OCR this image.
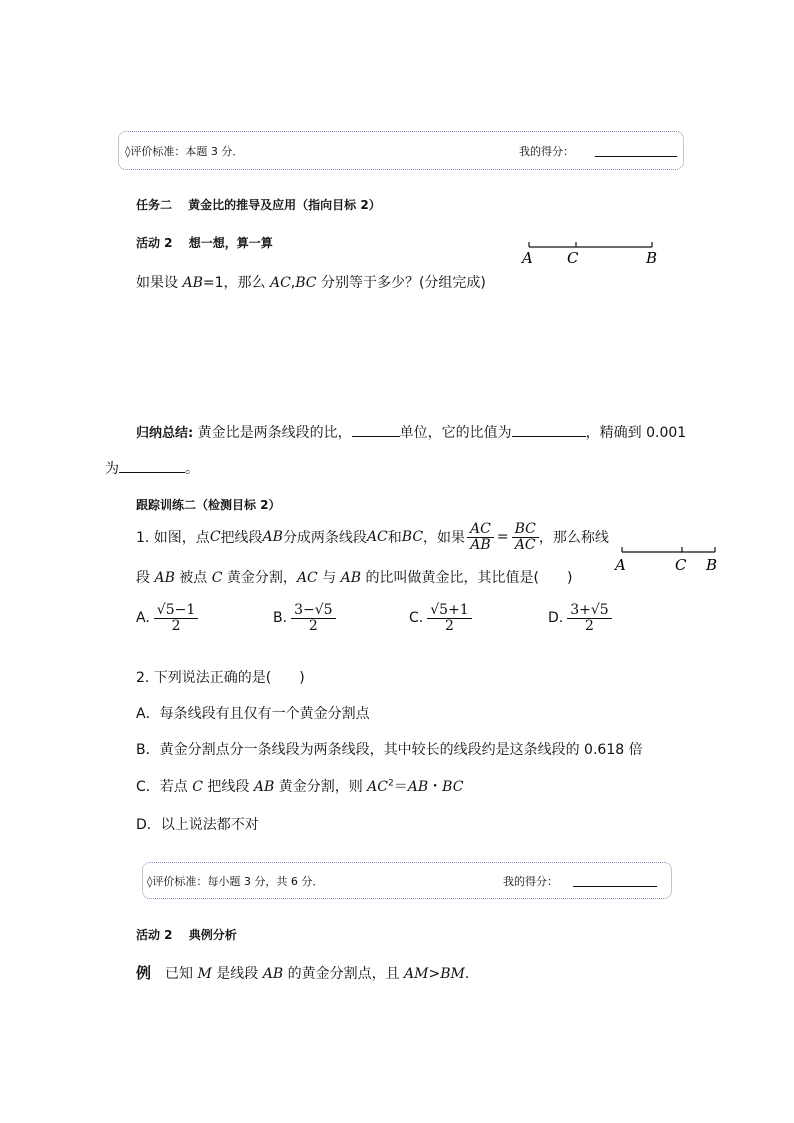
◊评价标准：本题 3 分．	我的得分：
任务二　 黄金比的推导及应用（指向目标 2）
活动 2　 想一想，算一算
A C	B
如果设 AB=1，那么 AC,BC 分别等于多少？(分组完成)
归纳总结: 黄金比是两条线段的比，	单位，它的比值为	，精确到 0.001
为	。
跟踪训练二（检测目标 2）
1. 如图，点 C 把线段 AB 分成两条线段 AC 和 BC ，如果 $\frac{AC}{AB} = \frac{BC}{AC}$ ，那么称线
段 AB 被点 C 黄金分割，AC 与 AB 的比叫做黄金比，其比值是(　　)
A	C B
A. $\frac{√5-1}{2}$	B. $\frac{3-√5}{2}$	C. $\frac{√5+1}{2}$	D. $\frac{3+√5}{2}$
2. 下列说法正确的是(　　)
A．每条线段有且仅有一个黄金分割点
B．黄金分割点分一条线段为两条线段，其中较长的线段约是这条线段的 0.618 倍
C．若点 C 把线段 AB 黄金分割，则 $AC^2=AB$・BC
D．以上说法都不对
◊评价标准：每小题 3 分，共 6 分．	我的得分：
活动 2　 典例分析
例　已知 M 是线段 AB 的黄金分割点，且 AM>BM.
